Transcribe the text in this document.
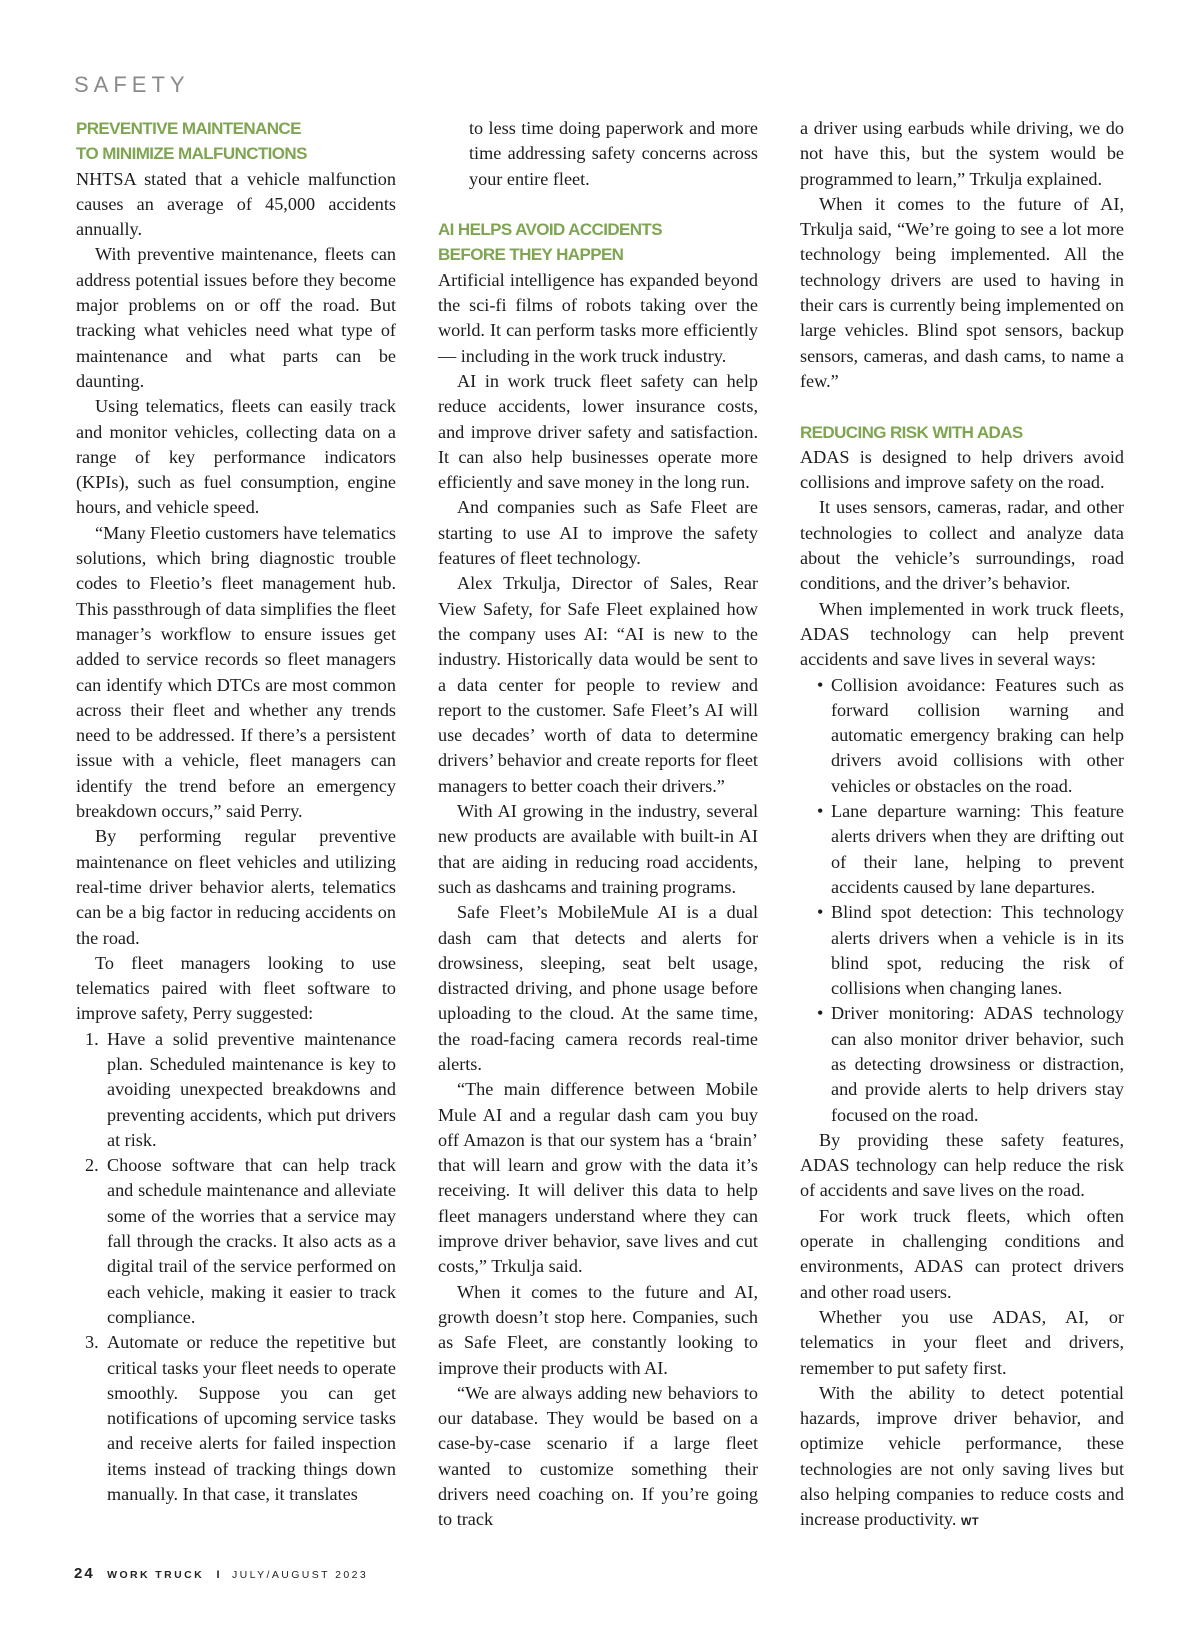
SAFETY
PREVENTIVE MAINTENANCE
TO MINIMIZE MALFUNCTIONS

NHTSA stated that a vehicle malfunction causes an average of 45,000 accidents annually.

With preventive maintenance, fleets can address potential issues before they become major problems on or off the road. But tracking what vehicles need what type of maintenance and what parts can be daunting.

Using telematics, fleets can easily track and monitor vehicles, collecting data on a range of key performance indicators (KPIs), such as fuel consumption, engine hours, and vehicle speed.

“Many Fleetio customers have telematics solutions, which bring diagnostic trouble codes to Fleetio’s fleet management hub. This passthrough of data simplifies the fleet manager’s workflow to ensure issues get added to service records so fleet managers can identify which DTCs are most common across their fleet and whether any trends need to be addressed. If there’s a persistent issue with a vehicle, fleet managers can identify the trend before an emergency breakdown occurs,” said Perry.

By performing regular preventive maintenance on fleet vehicles and utilizing real-time driver behavior alerts, telematics can be a big factor in reducing accidents on the road.

To fleet managers looking to use telematics paired with fleet software to improve safety, Perry suggested:

1. Have a solid preventive maintenance plan. Scheduled maintenance is key to avoiding unexpected breakdowns and preventing accidents, which put drivers at risk.
2. Choose software that can help track and schedule maintenance and alleviate some of the worries that a service may fall through the cracks. It also acts as a digital trail of the service performed on each vehicle, making it easier to track compliance.
3. Automate or reduce the repetitive but critical tasks your fleet needs to operate smoothly. Suppose you can get notifications of upcoming service tasks and receive alerts for failed inspection items instead of tracking things down manually. In that case, it translates

to less time doing paperwork and more time addressing safety concerns across your entire fleet.

AI HELPS AVOID ACCIDENTS
BEFORE THEY HAPPEN

Artificial intelligence has expanded beyond the sci-fi films of robots taking over the world. It can perform tasks more efficiently — including in the work truck industry.

AI in work truck fleet safety can help reduce accidents, lower insurance costs, and improve driver safety and satisfaction. It can also help businesses operate more efficiently and save money in the long run.

And companies such as Safe Fleet are starting to use AI to improve the safety features of fleet technology.

Alex Trkulja, Director of Sales, Rear View Safety, for Safe Fleet explained how the company uses AI: “AI is new to the industry. Historically data would be sent to a data center for people to review and report to the customer. Safe Fleet’s AI will use decades’ worth of data to determine drivers’ behavior and create reports for fleet managers to better coach their drivers.”

With AI growing in the industry, several new products are available with built-in AI that are aiding in reducing road accidents, such as dashcams and training programs.

Safe Fleet’s MobileMule AI is a dual dash cam that detects and alerts for drowsiness, sleeping, seat belt usage, distracted driving, and phone usage before uploading to the cloud. At the same time, the road-facing camera records real-time alerts.

“The main difference between Mobile Mule AI and a regular dash cam you buy off Amazon is that our system has a ‘brain’ that will learn and grow with the data it’s receiving. It will deliver this data to help fleet managers understand where they can improve driver behavior, save lives and cut costs,” Trkulja said.

When it comes to the future and AI, growth doesn’t stop here. Companies, such as Safe Fleet, are constantly looking to improve their products with AI.

“We are always adding new behaviors to our database. They would be based on a case-by-case scenario if a large fleet wanted to customize something their drivers need coaching on. If you’re going to track

a driver using earbuds while driving, we do not have this, but the system would be programmed to learn,” Trkulja explained.

When it comes to the future of AI, Trkulja said, “We’re going to see a lot more technology being implemented. All the technology drivers are used to having in their cars is currently being implemented on large vehicles. Blind spot sensors, backup sensors, cameras, and dash cams, to name a few.”

REDUCING RISK WITH ADAS

ADAS is designed to help drivers avoid collisions and improve safety on the road.

It uses sensors, cameras, radar, and other technologies to collect and analyze data about the vehicle’s surroundings, road conditions, and the driver’s behavior.

When implemented in work truck fleets, ADAS technology can help prevent accidents and save lives in several ways:

• Collision avoidance: Features such as forward collision warning and automatic emergency braking can help drivers avoid collisions with other vehicles or obstacles on the road.
• Lane departure warning: This feature alerts drivers when they are drifting out of their lane, helping to prevent accidents caused by lane departures.
• Blind spot detection: This technology alerts drivers when a vehicle is in its blind spot, reducing the risk of collisions when changing lanes.
• Driver monitoring: ADAS technology can also monitor driver behavior, such as detecting drowsiness or distraction, and provide alerts to help drivers stay focused on the road.

By providing these safety features, ADAS technology can help reduce the risk of accidents and save lives on the road.

For work truck fleets, which often operate in challenging conditions and environments, ADAS can protect drivers and other road users.

Whether you use ADAS, AI, or telematics in your fleet and drivers, remember to put safety first.

With the ability to detect potential hazards, improve driver behavior, and optimize vehicle performance, these technologies are not only saving lives but also helping companies to reduce costs and increase productivity. WT

24 WORK TRUCK I JULY/AUGUST 2023
